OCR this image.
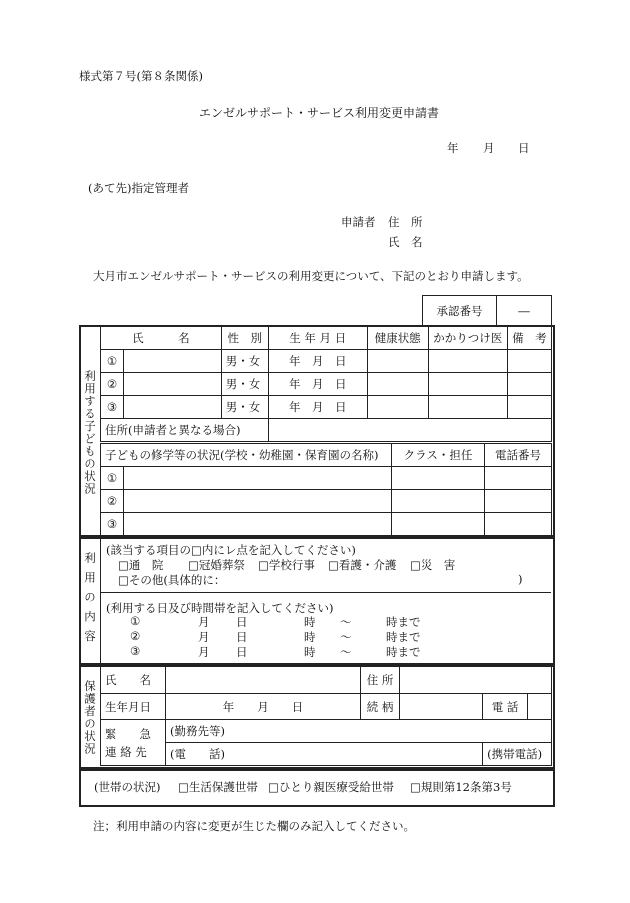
様式第７号(第８条関係)
エンゼルサポート・サービス利用変更申請書
年 月 日
(あて先)指定管理者
申請者 住　所
氏　名
大月市エンゼルサポート・サービスの利用変更について、下記のとおり申請します。
承認番号	―
利用する子どもの状況
氏　　　名		性　別	生 年 月 日	健康状態	かかりつけ医	備　考
①		男・女	年　月　日			
②		男・女	年　月　日			
③		男・女	年　月　日			
住所(申請者と異なる場合)						
子どもの修学等の状況(学校・幼稚園・保育園の名称)		クラス・担任	電話番号
①			
②			
③			
利用の内容
(該当する項目の□内にレ点を記入してください)
□通　院 □冠婚葬祭 □学校行事 □看護・介護 □災　害
□その他(具体的に：	)
(利用する日及び時間帯を記入してください)
①	月 日	時 ～	時まで
②	月 日	時 ～	時まで
③	月 日	時 ～	時まで
保護者の状況
氏　　名		住 所			
生年月日	年　　月　　日	続 柄		電 話	
緊　　急
連 絡 先	(勤務先等)				
	(電　　話)			(携帯電話)	
(世帯の状況) □生活保護世帯 □ひとり親医療受給世帯 □規則第12条第3号
注；利用申請の内容に変更が生じた欄のみ記入してください。
